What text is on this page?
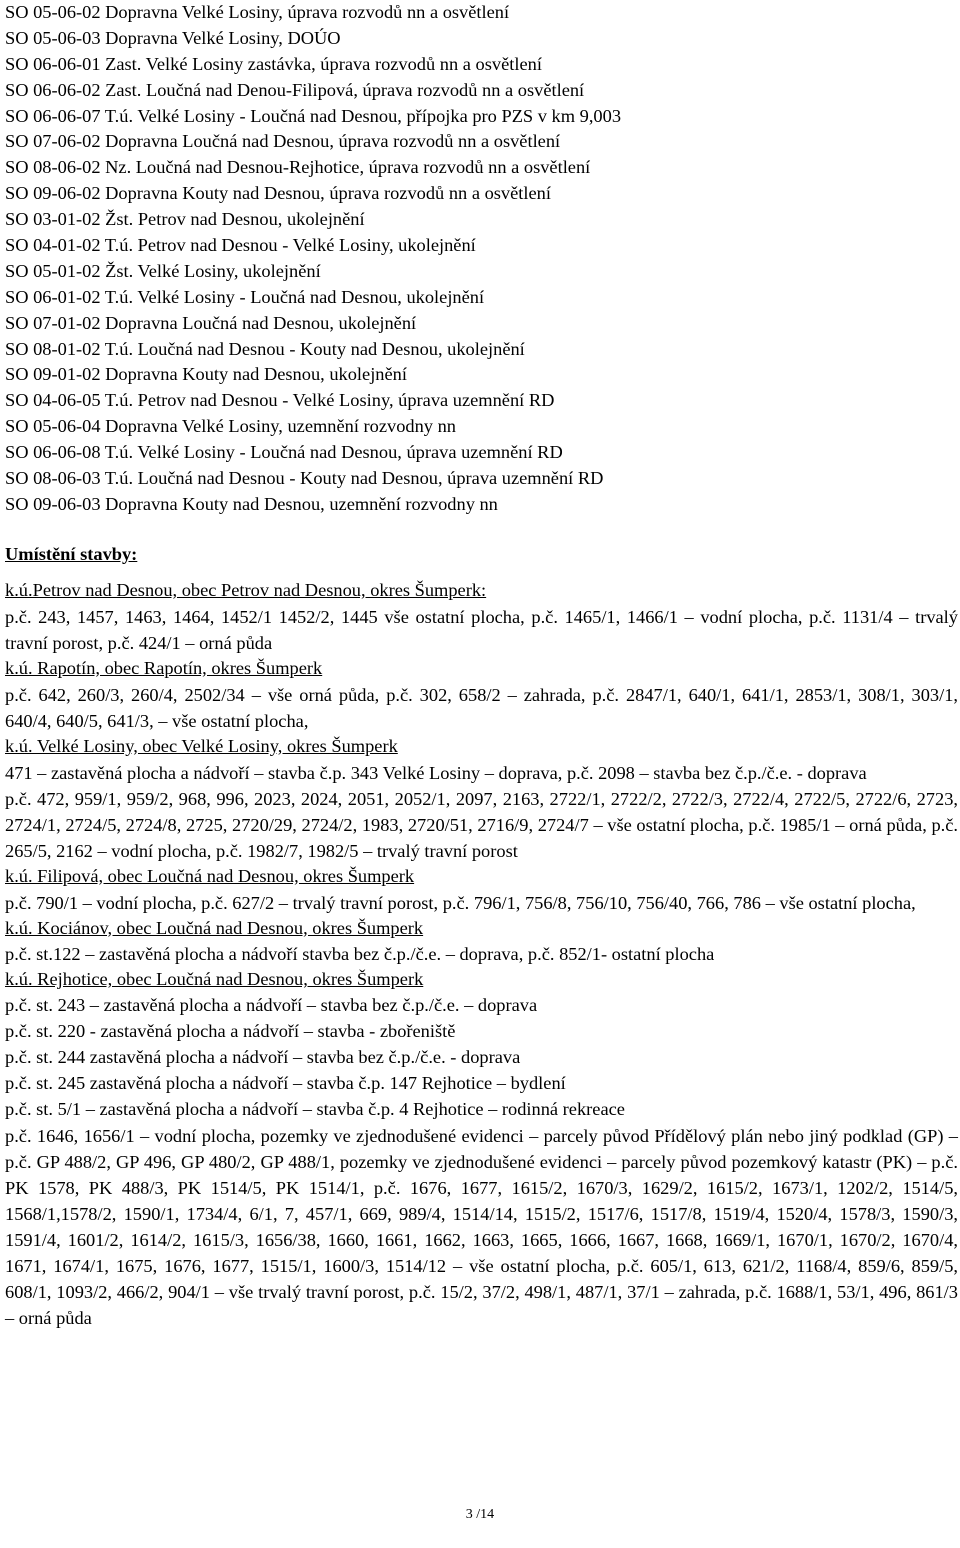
SO 05-06-02 Dopravna Velké Losiny, úprava rozvodů nn a osvětlení
SO 05-06-03 Dopravna Velké Losiny, DOÚO
SO 06-06-01 Zast. Velké Losiny zastávka, úprava rozvodů nn a osvětlení
SO 06-06-02 Zast. Loučná nad Denou-Filipová, úprava rozvodů nn a osvětlení
SO 06-06-07 T.ú. Velké Losiny - Loučná nad Desnou, přípojka pro PZS v km 9,003
SO 07-06-02 Dopravna Loučná nad Desnou, úprava rozvodů nn a osvětlení
SO 08-06-02 Nz. Loučná nad Desnou-Rejhotice, úprava rozvodů nn a osvětlení
SO 09-06-02 Dopravna Kouty nad Desnou, úprava rozvodů nn a osvětlení
SO 03-01-02 Žst. Petrov nad Desnou, ukolejnění
SO 04-01-02 T.ú. Petrov nad Desnou - Velké Losiny, ukolejnění
SO 05-01-02 Žst. Velké Losiny, ukolejnění
SO 06-01-02 T.ú. Velké Losiny - Loučná nad Desnou, ukolejnění
SO 07-01-02 Dopravna Loučná nad Desnou, ukolejnění
SO 08-01-02 T.ú. Loučná nad Desnou - Kouty nad Desnou, ukolejnění
SO 09-01-02 Dopravna Kouty nad Desnou, ukolejnění
SO 04-06-05 T.ú. Petrov nad Desnou - Velké Losiny, úprava uzemnění RD
SO 05-06-04 Dopravna Velké Losiny, uzemnění rozvodny nn
SO 06-06-08 T.ú. Velké Losiny - Loučná nad Desnou, úprava uzemnění RD
SO 08-06-03 T.ú. Loučná nad Desnou - Kouty nad Desnou, úprava uzemnění RD
SO 09-06-03 Dopravna Kouty nad Desnou, uzemnění rozvodny nn
Umístění stavby:
k.ú.Petrov nad Desnou, obec Petrov nad Desnou, okres Šumperk:
p.č. 243, 1457, 1463, 1464, 1452/1 1452/2, 1445 vše ostatní plocha, p.č. 1465/1, 1466/1 – vodní plocha, p.č. 1131/4 – trvalý travní porost, p.č. 424/1 – orná půda
k.ú. Rapotín, obec Rapotín, okres Šumperk
p.č. 642, 260/3, 260/4, 2502/34 – vše orná půda, p.č. 302, 658/2 – zahrada, p.č. 2847/1, 640/1, 641/1, 2853/1, 308/1, 303/1, 640/4, 640/5, 641/3, – vše ostatní plocha,
k.ú. Velké Losiny, obec Velké Losiny, okres Šumperk
471 – zastavěná plocha a nádvoří – stavba č.p. 343 Velké Losiny – doprava, p.č. 2098 – stavba bez č.p./č.e. - doprava
p.č. 472, 959/1, 959/2, 968, 996, 2023, 2024, 2051, 2052/1, 2097, 2163, 2722/1, 2722/2, 2722/3, 2722/4, 2722/5, 2722/6, 2723, 2724/1, 2724/5, 2724/8, 2725, 2720/29, 2724/2, 1983, 2720/51, 2716/9, 2724/7 – vše ostatní plocha, p.č. 1985/1 – orná půda, p.č. 265/5, 2162 – vodní plocha, p.č. 1982/7, 1982/5 – trvalý travní porost
k.ú. Filipová, obec Loučná nad Desnou, okres Šumperk
p.č. 790/1 – vodní plocha, p.č. 627/2 – trvalý travní porost, p.č. 796/1, 756/8, 756/10, 756/40, 766, 786 – vše ostatní plocha,
k.ú. Kociánov, obec Loučná nad Desnou, okres Šumperk
p.č. st.122 – zastavěná plocha a nádvoří stavba bez č.p./č.e. – doprava, p.č. 852/1- ostatní plocha
k.ú. Rejhotice, obec Loučná nad Desnou, okres Šumperk
p.č. st. 243 – zastavěná plocha a nádvoří – stavba bez č.p./č.e. – doprava
p.č. st. 220 - zastavěná plocha a nádvoří – stavba - zbořeniště
p.č. st. 244 zastavěná plocha a nádvoří – stavba bez č.p./č.e. - doprava
p.č. st. 245 zastavěná plocha a nádvoří – stavba č.p. 147 Rejhotice – bydlení
p.č. st. 5/1 – zastavěná plocha a nádvoří – stavba č.p. 4 Rejhotice – rodinná rekreace
p.č. 1646, 1656/1 – vodní plocha, pozemky ve zjednodušené evidenci – parcely původ Přídělový plán nebo jiný podklad (GP) – p.č. GP 488/2, GP 496, GP 480/2, GP 488/1, pozemky ve zjednodušené evidenci – parcely původ pozemkový katastr (PK) – p.č. PK 1578, PK 488/3, PK 1514/5, PK 1514/1, p.č. 1676, 1677, 1615/2, 1670/3, 1629/2, 1615/2, 1673/1, 1202/2, 1514/5, 1568/1,1578/2, 1590/1, 1734/4, 6/1, 7, 457/1, 669, 989/4, 1514/14, 1515/2, 1517/6, 1517/8, 1519/4, 1520/4, 1578/3, 1590/3, 1591/4, 1601/2, 1614/2, 1615/3, 1656/38, 1660, 1661, 1662, 1663, 1665, 1666, 1667, 1668, 1669/1, 1670/1, 1670/2, 1670/4, 1671, 1674/1, 1675, 1676, 1677, 1515/1, 1600/3, 1514/12 – vše ostatní plocha, p.č. 605/1, 613, 621/2, 1168/4, 859/6, 859/5, 608/1, 1093/2, 466/2, 904/1 – vše trvalý travní porost, p.č. 15/2, 37/2, 498/1, 487/1, 37/1 – zahrada, p.č. 1688/1, 53/1, 496, 861/3 – orná půda
3 /14
